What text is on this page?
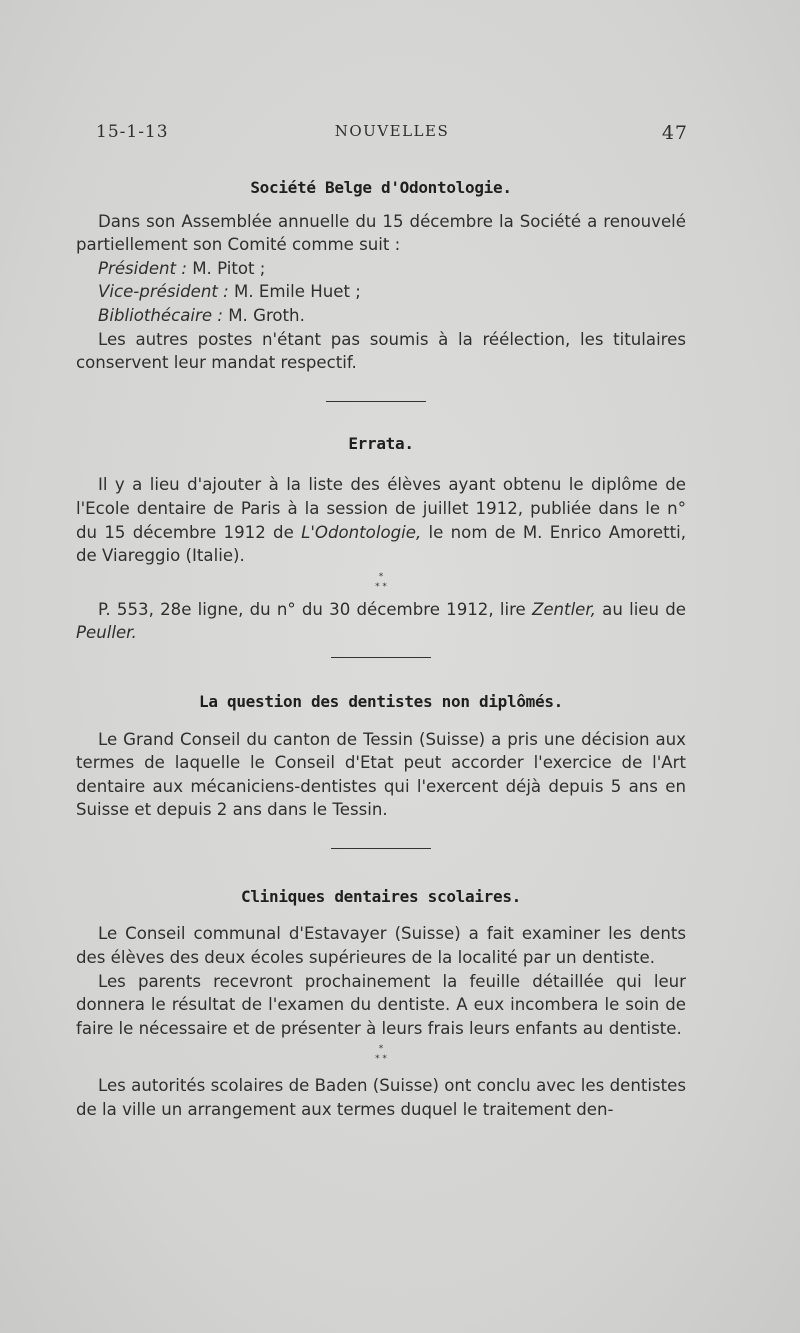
15-1-13	NOUVELLES	47
Société Belge d'Odontologie.

Dans son Assemblée annuelle du 15 décembre la Société a renouvelé partiellement son Comité comme suit :

Président : M. Pitot ;

Vice-président : M. Emile Huet ;

Bibliothécaire : M. Groth.

Les autres postes n'étant pas soumis à la réélection, les titulaires conservent leur mandat respectif.

Errata.

Il y a lieu d'ajouter à la liste des élèves ayant obtenu le diplôme de l'Ecole dentaire de Paris à la session de juillet 1912, publiée dans le n° du 15 décembre 1912 de L'Odontologie, le nom de M. Enrico Amoretti, de Viareggio (Italie).

*
* *

P. 553, 28e ligne, du n° du 30 décembre 1912, lire Zentler, au lieu de Peuller.

La question des dentistes non diplômés.

Le Grand Conseil du canton de Tessin (Suisse) a pris une décision aux termes de laquelle le Conseil d'Etat peut accorder l'exercice de l'Art dentaire aux mécaniciens-dentistes qui l'exercent déjà depuis 5 ans en Suisse et depuis 2 ans dans le Tessin.

Cliniques dentaires scolaires.

Le Conseil communal d'Estavayer (Suisse) a fait examiner les dents des élèves des deux écoles supérieures de la localité par un dentiste.

Les parents recevront prochainement la feuille détaillée qui leur donnera le résultat de l'examen du dentiste. A eux incombera le soin de faire le nécessaire et de présenter à leurs frais leurs enfants au dentiste.

*
* *

Les autorités scolaires de Baden (Suisse) ont conclu avec les dentistes de la ville un arrangement aux termes duquel le traitement den-
